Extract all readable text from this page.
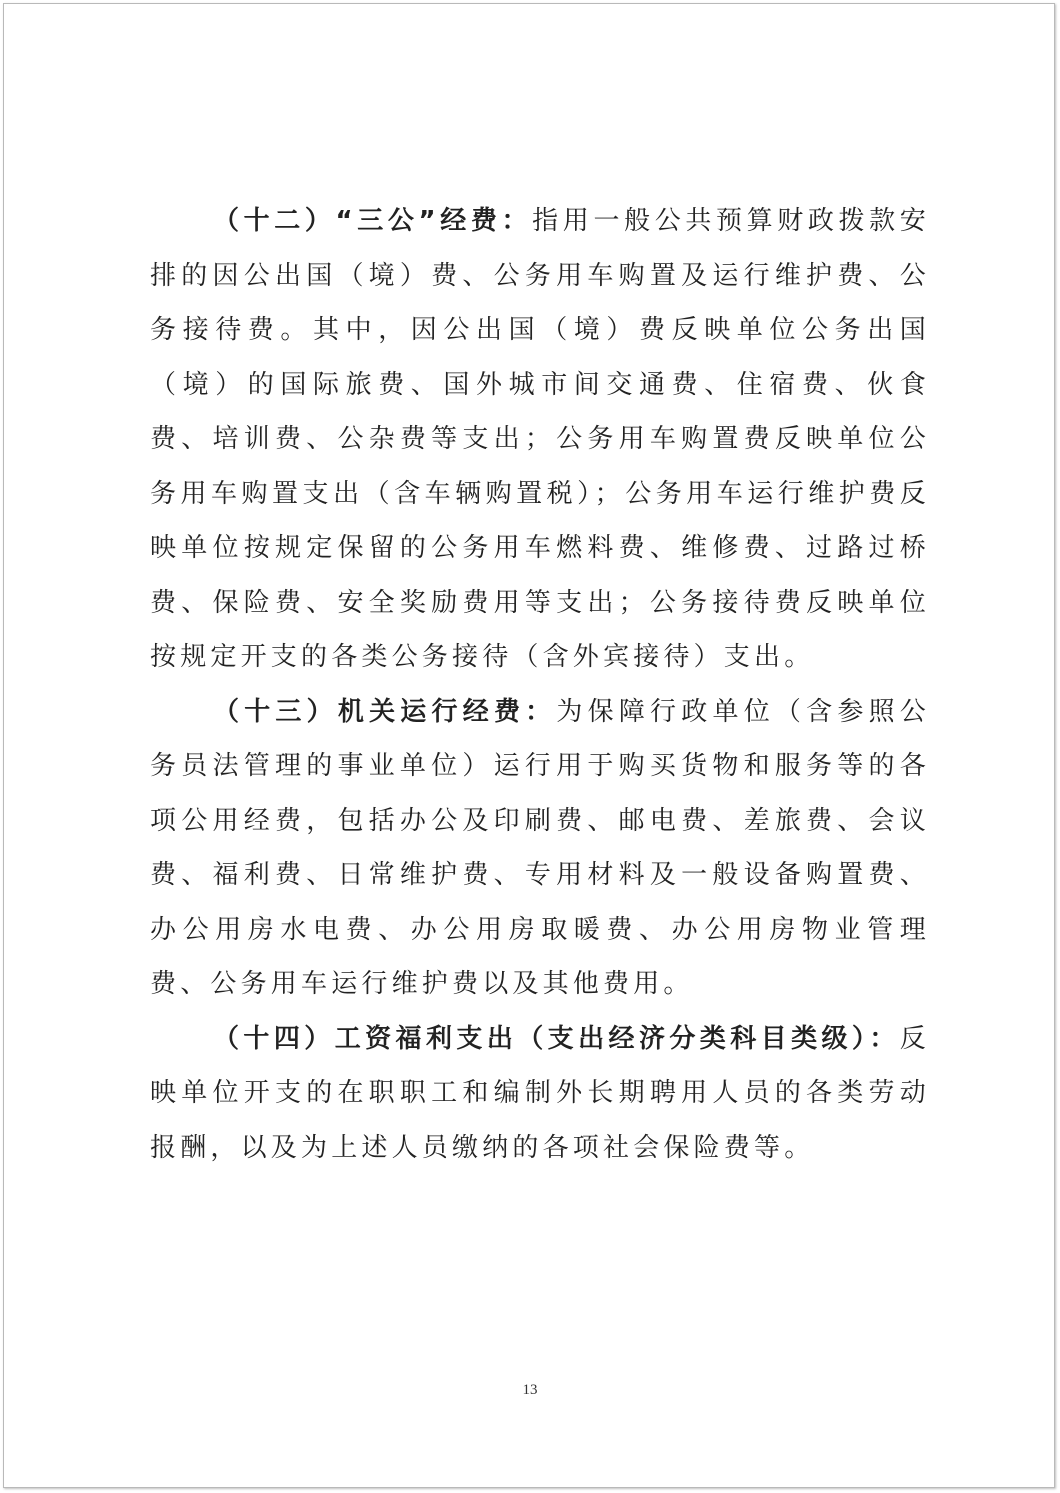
（十二）“三公”经费：指用一般公共预算财政拨款安排的因公出国（境）费、公务用车购置及运行维护费、公务接待费。其中，因公出国（境）费反映单位公务出国（境）的国际旅费、国外城市间交通费、住宿费、伙食费、培训费、公杂费等支出；公务用车购置费反映单位公务用车购置支出（含车辆购置税）；公务用车运行维护费反映单位按规定保留的公务用车燃料费、维修费、过路过桥费、保险费、安全奖励费用等支出；公务接待费反映单位按规定开支的各类公务接待（含外宾接待）支出。

（十三）机关运行经费：为保障行政单位（含参照公务员法管理的事业单位）运行用于购买货物和服务等的各项公用经费，包括办公及印刷费、邮电费、差旅费、会议费、福利费、日常维护费、专用材料及一般设备购置费、办公用房水电费、办公用房取暖费、办公用房物业管理费、公务用车运行维护费以及其他费用。

（十四）工资福利支出（支出经济分类科目类级）：反映单位开支的在职职工和编制外长期聘用人员的各类劳动报酬，以及为上述人员缴纳的各项社会保险费等。

13
